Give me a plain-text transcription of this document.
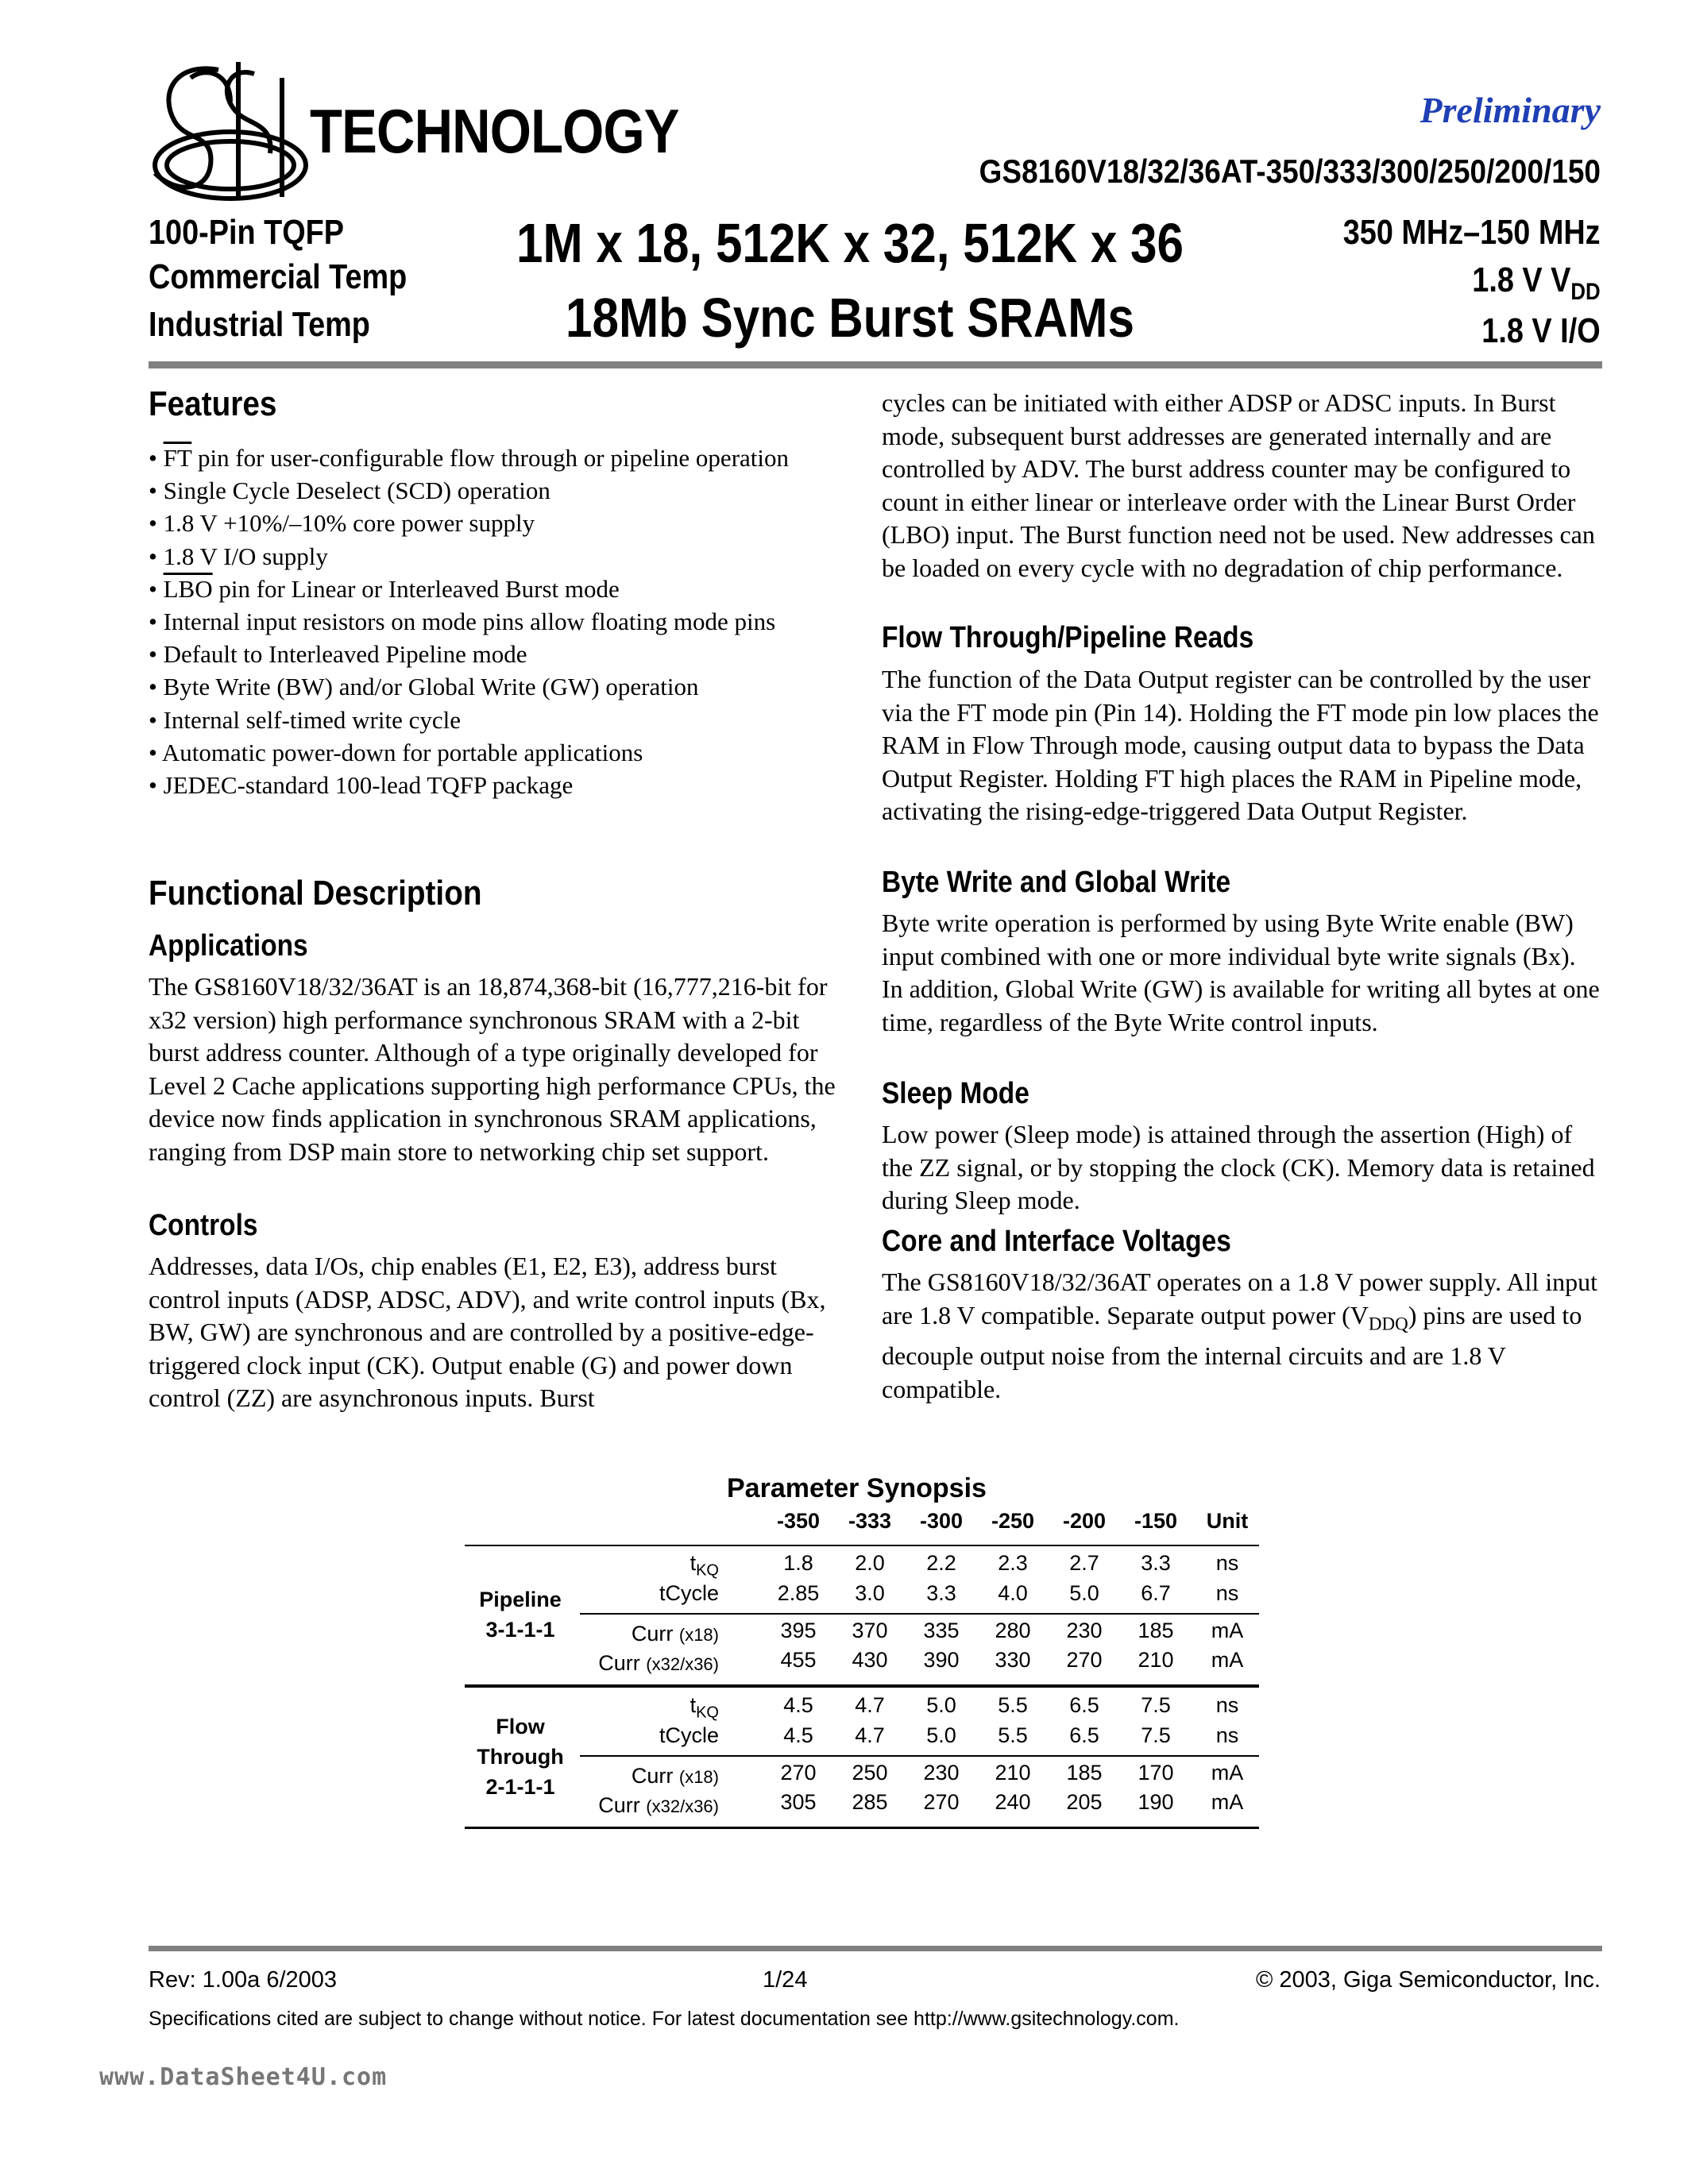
TECHNOLOGY	Preliminary
GS8160V18/32/36AT-350/333/300/250/200/150
100-Pin TQFP
Commercial Temp
Industrial Temp
1M x 18, 512K x 32, 512K x 36
18Mb Sync Burst SRAMs
350 MHz–150 MHz
1.8 V $V_{DD}$
1.8 V I/O
Features
• $\overline{FT}$ pin for user-configurable flow through or pipeline operation
• Single Cycle Deselect (SCD) operation
• 1.8 V +10%/–10% core power supply
• 1.8 V I/O supply
• $\overline{LBO}$ pin for Linear or Interleaved Burst mode
• Internal input resistors on mode pins allow floating mode pins
• Default to Interleaved Pipeline mode
• Byte Write (BW) and/or Global Write (GW) operation
• Internal self-timed write cycle
• Automatic power-down for portable applications
• JEDEC-standard 100-lead TQFP package
Functional Description
Applications
The GS8160V18/32/36AT is an 18,874,368-bit (16,777,216-bit for x32 version) high performance synchronous SRAM with a 2-bit burst address counter. Although of a type originally developed for Level 2 Cache applications supporting high performance CPUs, the device now finds application in synchronous SRAM applications, ranging from DSP main store to networking chip set support.
Controls
Addresses, data I/Os, chip enables (E1, E2, E3), address burst control inputs (ADSP, ADSC, ADV), and write control inputs (Bx, BW, GW) are synchronous and are controlled by a positive-edge-triggered clock input (CK). Output enable (G) and power down control (ZZ) are asynchronous inputs. Burst
cycles can be initiated with either ADSP or ADSC inputs. In Burst mode, subsequent burst addresses are generated internally and are controlled by ADV. The burst address counter may be configured to count in either linear or interleave order with the Linear Burst Order (LBO) input. The Burst function need not be used. New addresses can be loaded on every cycle with no degradation of chip performance.
Flow Through/Pipeline Reads
The function of the Data Output register can be controlled by the user via the FT mode pin (Pin 14). Holding the FT mode pin low places the RAM in Flow Through mode, causing output data to bypass the Data Output Register. Holding FT high places the RAM in Pipeline mode, activating the rising-edge-triggered Data Output Register.
Byte Write and Global Write
Byte write operation is performed by using Byte Write enable (BW) input combined with one or more individual byte write signals (Bx). In addition, Global Write (GW) is available for writing all bytes at one time, regardless of the Byte Write control inputs.
Sleep Mode
Low power (Sleep mode) is attained through the assertion (High) of the ZZ signal, or by stopping the clock (CK). Memory data is retained during Sleep mode.
Core and Interface Voltages
The GS8160V18/32/36AT operates on a 1.8 V power supply. All input are 1.8 V compatible. Separate output power $(V_{DDQ})$ pins are used to decouple output noise from the internal circuits and are 1.8 V compatible.
Parameter Synopsis
-350	-333	-300	-250	-200	-150	Unit
Pipeline
3-1-1-1
$t_{KQ}$	1.8	2.0	2.2	2.3	2.7	3.3	ns
tCycle	2.85	3.0	3.3	4.0	5.0	6.7	ns
Curr (x18)	395	370	335	280	230	185	mA
Curr (x32/x36)	455	430	390	330	270	210	mA
Flow
Through
2-1-1-1
$t_{KQ}$	4.5	4.7	5.0	5.5	6.5	7.5	ns
tCycle	4.5	4.7	5.0	5.5	6.5	7.5	ns
Curr (x18)	270	250	230	210	185	170	mA
Curr (x32/x36)	305	285	270	240	205	190	mA
Rev: 1.00a 6/2003	1/24	© 2003, Giga Semiconductor, Inc.
Specifications cited are subject to change without notice. For latest documentation see http://www.gsitechnology.com.
www.DataSheet4U.com
